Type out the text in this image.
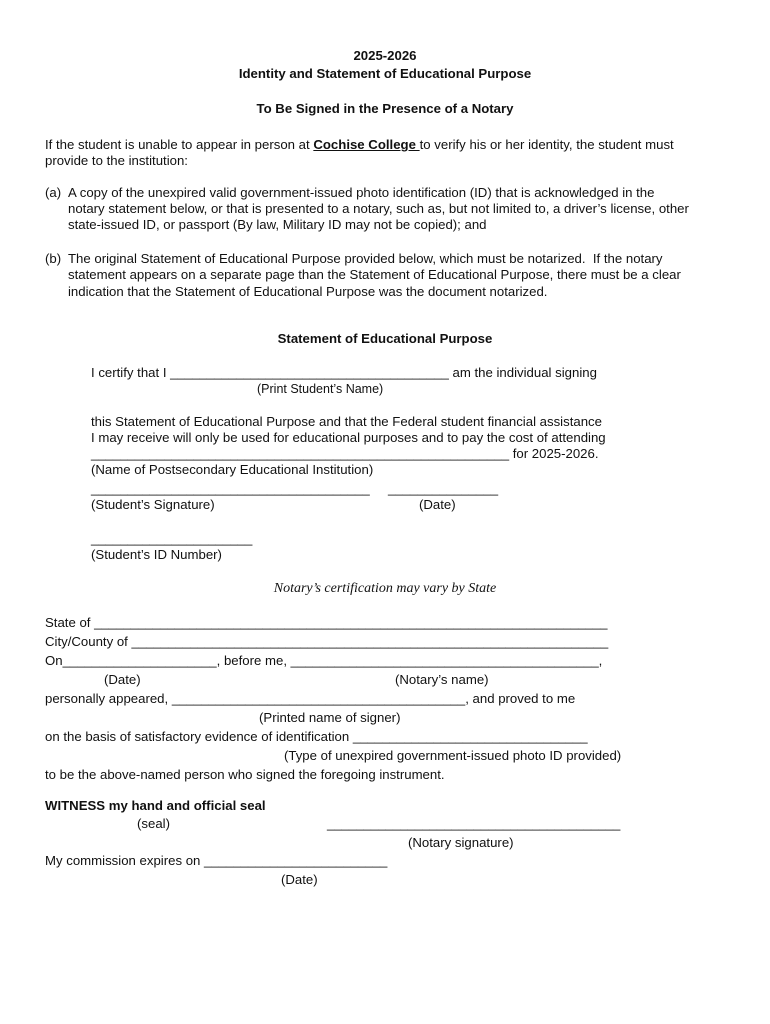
2025-2026
Identity and Statement of Educational Purpose
To Be Signed in the Presence of a Notary
If the student is unable to appear in person at Cochise College to verify his or her identity, the student must
provide to the institution:
(a) A copy of the unexpired valid government-issued photo identification (ID) that is acknowledged in the
notary statement below, or that is presented to a notary, such as, but not limited to, a driver’s license, other
state-issued ID, or passport (By law, Military ID may not be copied); and
(b) The original Statement of Educational Purpose provided below, which must be notarized.  If the notary
statement appears on a separate page than the Statement of Educational Purpose, there must be a clear
indication that the Statement of Educational Purpose was the document notarized.
Statement of Educational Purpose
I certify that I ______________________________________ am the individual signing
(Print Student’s Name)
this Statement of Educational Purpose and that the Federal student financial assistance
I may receive will only be used for educational purposes and to pay the cost of attending
_________________________________________________________ for 2025-2026.
(Name of Postsecondary Educational Institution)
______________________________________     _______________
(Student’s Signature)	(Date)
______________________
(Student’s ID Number)
Notary’s certification may vary by State
State of ______________________________________________________________________
City/County of _________________________________________________________________
On_____________________, before me, __________________________________________,
(Date)	(Notary’s name)
personally appeared, ________________________________________, and proved to me
(Printed name of signer)
on the basis of satisfactory evidence of identification ________________________________
(Type of unexpired government-issued photo ID provided)
to be the above-named person who signed the foregoing instrument.
WITNESS my hand and official seal
(seal)	________________________________________
(Notary signature)
My commission expires on _________________________
(Date)
